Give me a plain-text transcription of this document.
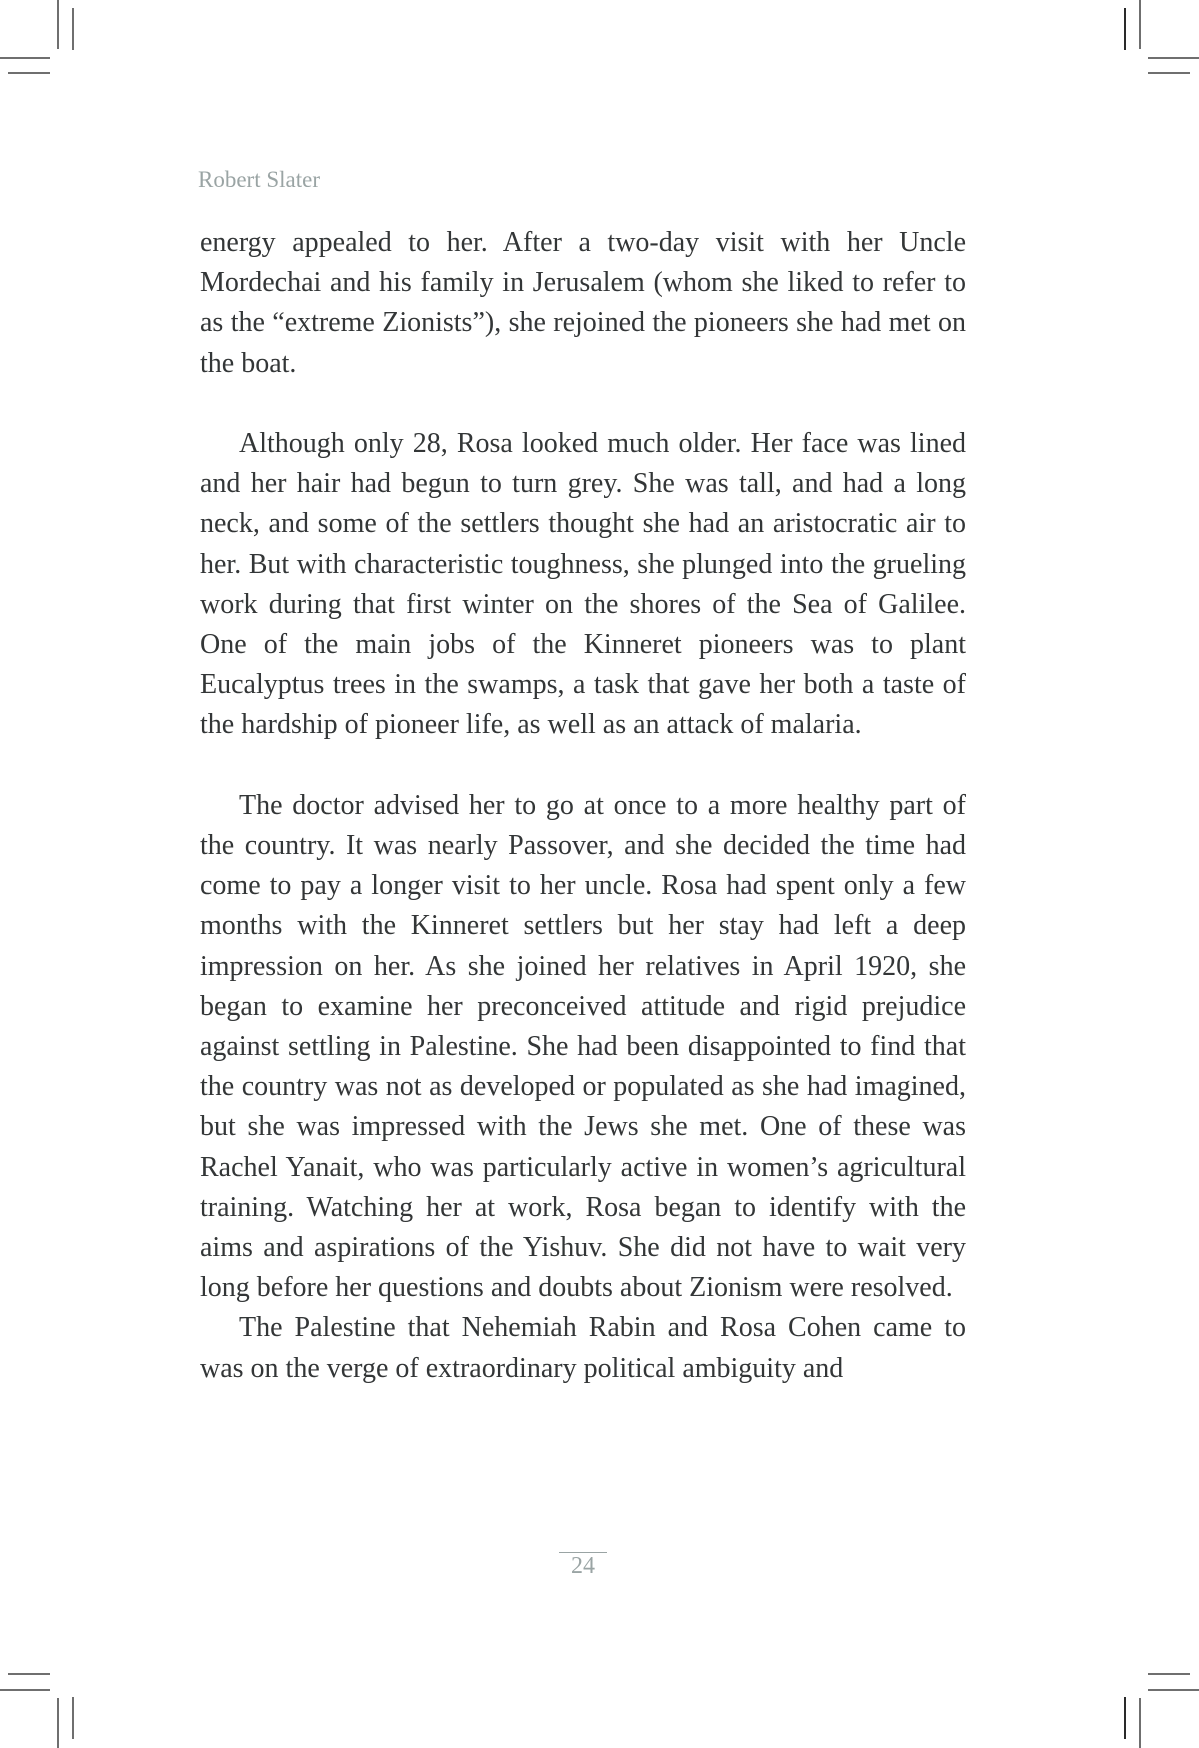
Robert Slater

energy appealed to her. After a two-day visit with her Uncle Mordechai and his family in Jerusalem (whom she liked to refer to as the “extreme Zionists”), she rejoined the pioneers she had met on the boat.

Although only 28, Rosa looked much older. Her face was lined and her hair had begun to turn grey. She was tall, and had a long neck, and some of the settlers thought she had an aristocratic air to her. But with characteristic toughness, she plunged into the grueling work during that first winter on the shores of the Sea of Galilee. One of the main jobs of the Kinneret pioneers was to plant Eucalyptus trees in the swamps, a task that gave her both a taste of the hardship of pioneer life, as well as an attack of malaria.

The doctor advised her to go at once to a more healthy part of the country. It was nearly Passover, and she decided the time had come to pay a longer visit to her uncle. Rosa had spent only a few months with the Kinneret settlers but her stay had left a deep impression on her. As she joined her relatives in April 1920, she began to examine her preconceived attitude and rigid prejudice against settling in Palestine. She had been disappointed to find that the country was not as developed or populated as she had imagined, but she was impressed with the Jews she met. One of these was Rachel Yanait, who was particularly active in women’s agricultural training. Watching her at work, Rosa began to identify with the aims and aspirations of the Yishuv. She did not have to wait very long before her questions and doubts about Zionism were resolved.

The Palestine that Nehemiah Rabin and Rosa Cohen came to was on the verge of extraordinary political ambiguity and

24
